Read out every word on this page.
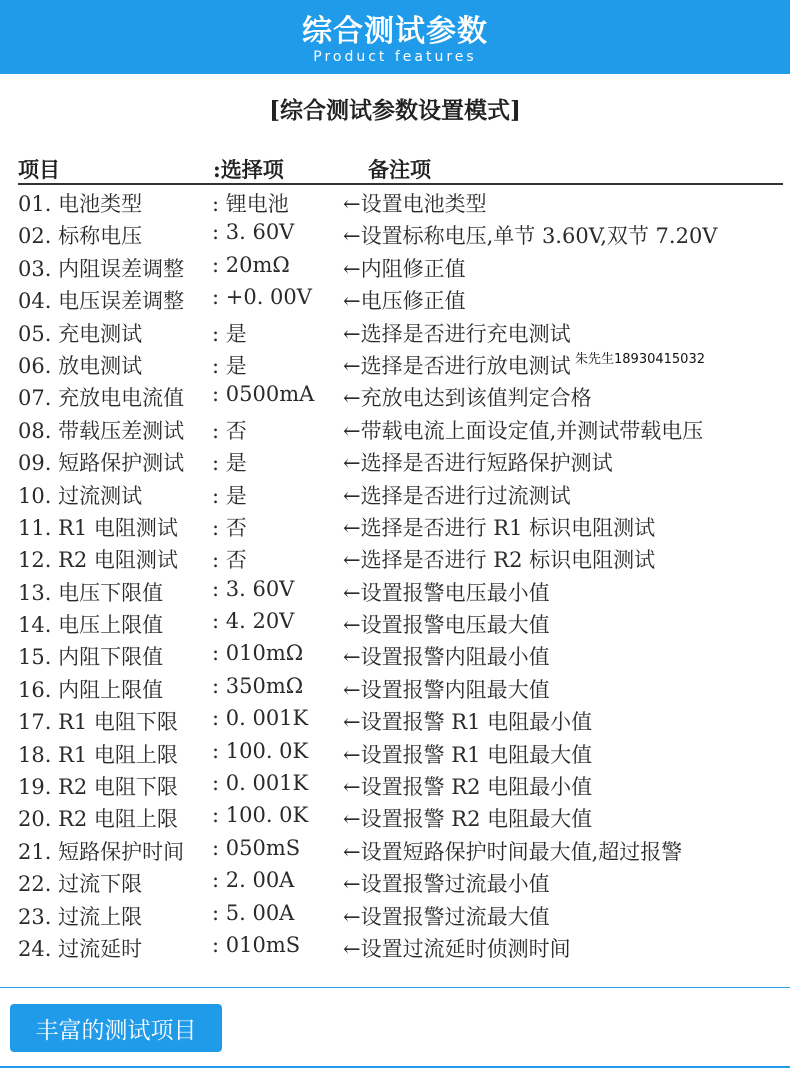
综合测试参数
Product features
[综合测试参数设置模式]
项目	:选择项	备注项
01. 电池类型	: 锂电池	←设置电池类型
02. 标称电压	: 3. 60V ←设置标称电压,单节 3.60V,双节 7.20V
03. 内阻误差调整 : 20mΩ	←内阻修正值
04. 电压误差调整 : +0. 00V ←电压修正值
05. 充电测试	: 是	←选择是否进行充电测试
06. 放电测试	: 是	←选择是否进行放电测试
07. 充放电电流值 : 0500mA ←充放电达到该值判定合格
08. 带载压差测试 : 否	←带载电流上面设定值,并测试带载电压
09. 短路保护测试 : 是	←选择是否进行短路保护测试
10. 过流测试	: 是	←选择是否进行过流测试
11. R1 电阻测试 : 否	←选择是否进行 R1 标识电阻测试
12. R2 电阻测试 : 否	←选择是否进行 R2 标识电阻测试
13. 电压下限值 : 3. 60V ←设置报警电压最小值
14. 电压上限值 : 4. 20V ←设置报警电压最大值
15. 内阻下限值 : 010mΩ ←设置报警内阻最小值
16. 内阻上限值 : 350mΩ ←设置报警内阻最大值
17. R1 电阻下限 : 0. 001K ←设置报警 R1 电阻最小值
18. R1 电阻上限 : 100. 0K ←设置报警 R1 电阻最大值
19. R2 电阻下限 : 0. 001K ←设置报警 R2 电阻最小值
20. R2 电阻上限 : 100. 0K ←设置报警 R2 电阻最大值
21. 短路保护时间 : 050mS ←设置短路保护时间最大值,超过报警
22. 过流下限	: 2. 00A ←设置报警过流最小值
23. 过流上限	: 5. 00A ←设置报警过流最大值
24. 过流延时	: 010mS ←设置过流延时侦测时间
朱先生18930415032
丰富的测试项目
